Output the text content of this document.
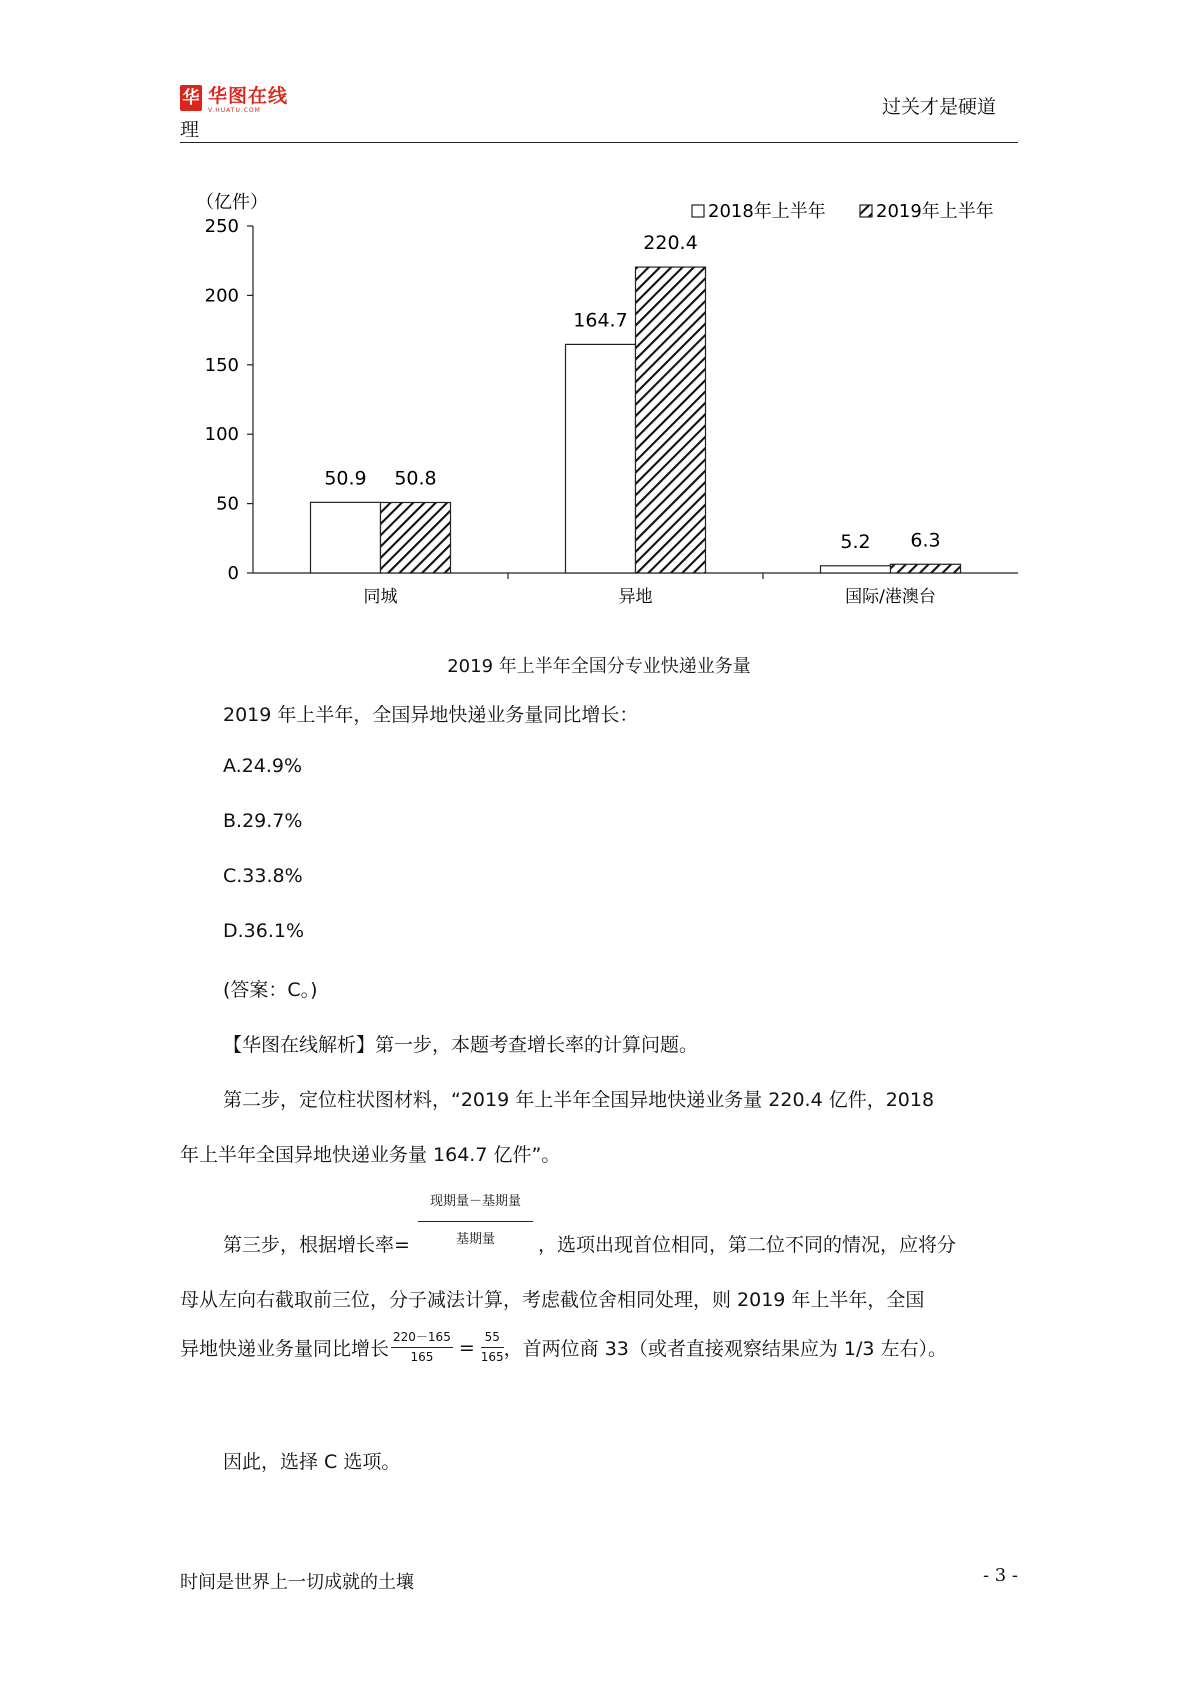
华 华图在线
V.HUATU.COM
理
过关才是硬道
（亿件）
0
50
100
150
200
250
同城	异地	国际/港澳台
50.9 50.8
164.7
220.4
5.2 6.3
2018年上半年	2019年上半年
2019 年上半年全国分专业快递业务量
2019 年上半年，全国异地快递业务量同比增长：
A.24.9%
B.29.7%
C.33.8%
D.36.1%
(答案：C。)
【华图在线解析】第一步，本题考查增长率的计算问题。
第二步，定位柱状图材料，“2019 年上半年全国异地快递业务量 220.4 亿件，2018
年上半年全国异地快递业务量 164.7 亿件”。
现期量－基期量
基期量
第三步，根据增长率=	，选项出现首位相同，第二位不同的情况，应将分
母从左向右截取前三位，分子减法计算，考虑截位舍相同处理，则 2019 年上半年，全国
异地快递业务量同比增长 $\frac{220-165}{165} = \frac{55}{165}$ ，首两位商 33（或者直接观察结果应为 1/3 左右）。
因此，选择 C 选项。
时间是世界上一切成就的土壤	- 3 -
